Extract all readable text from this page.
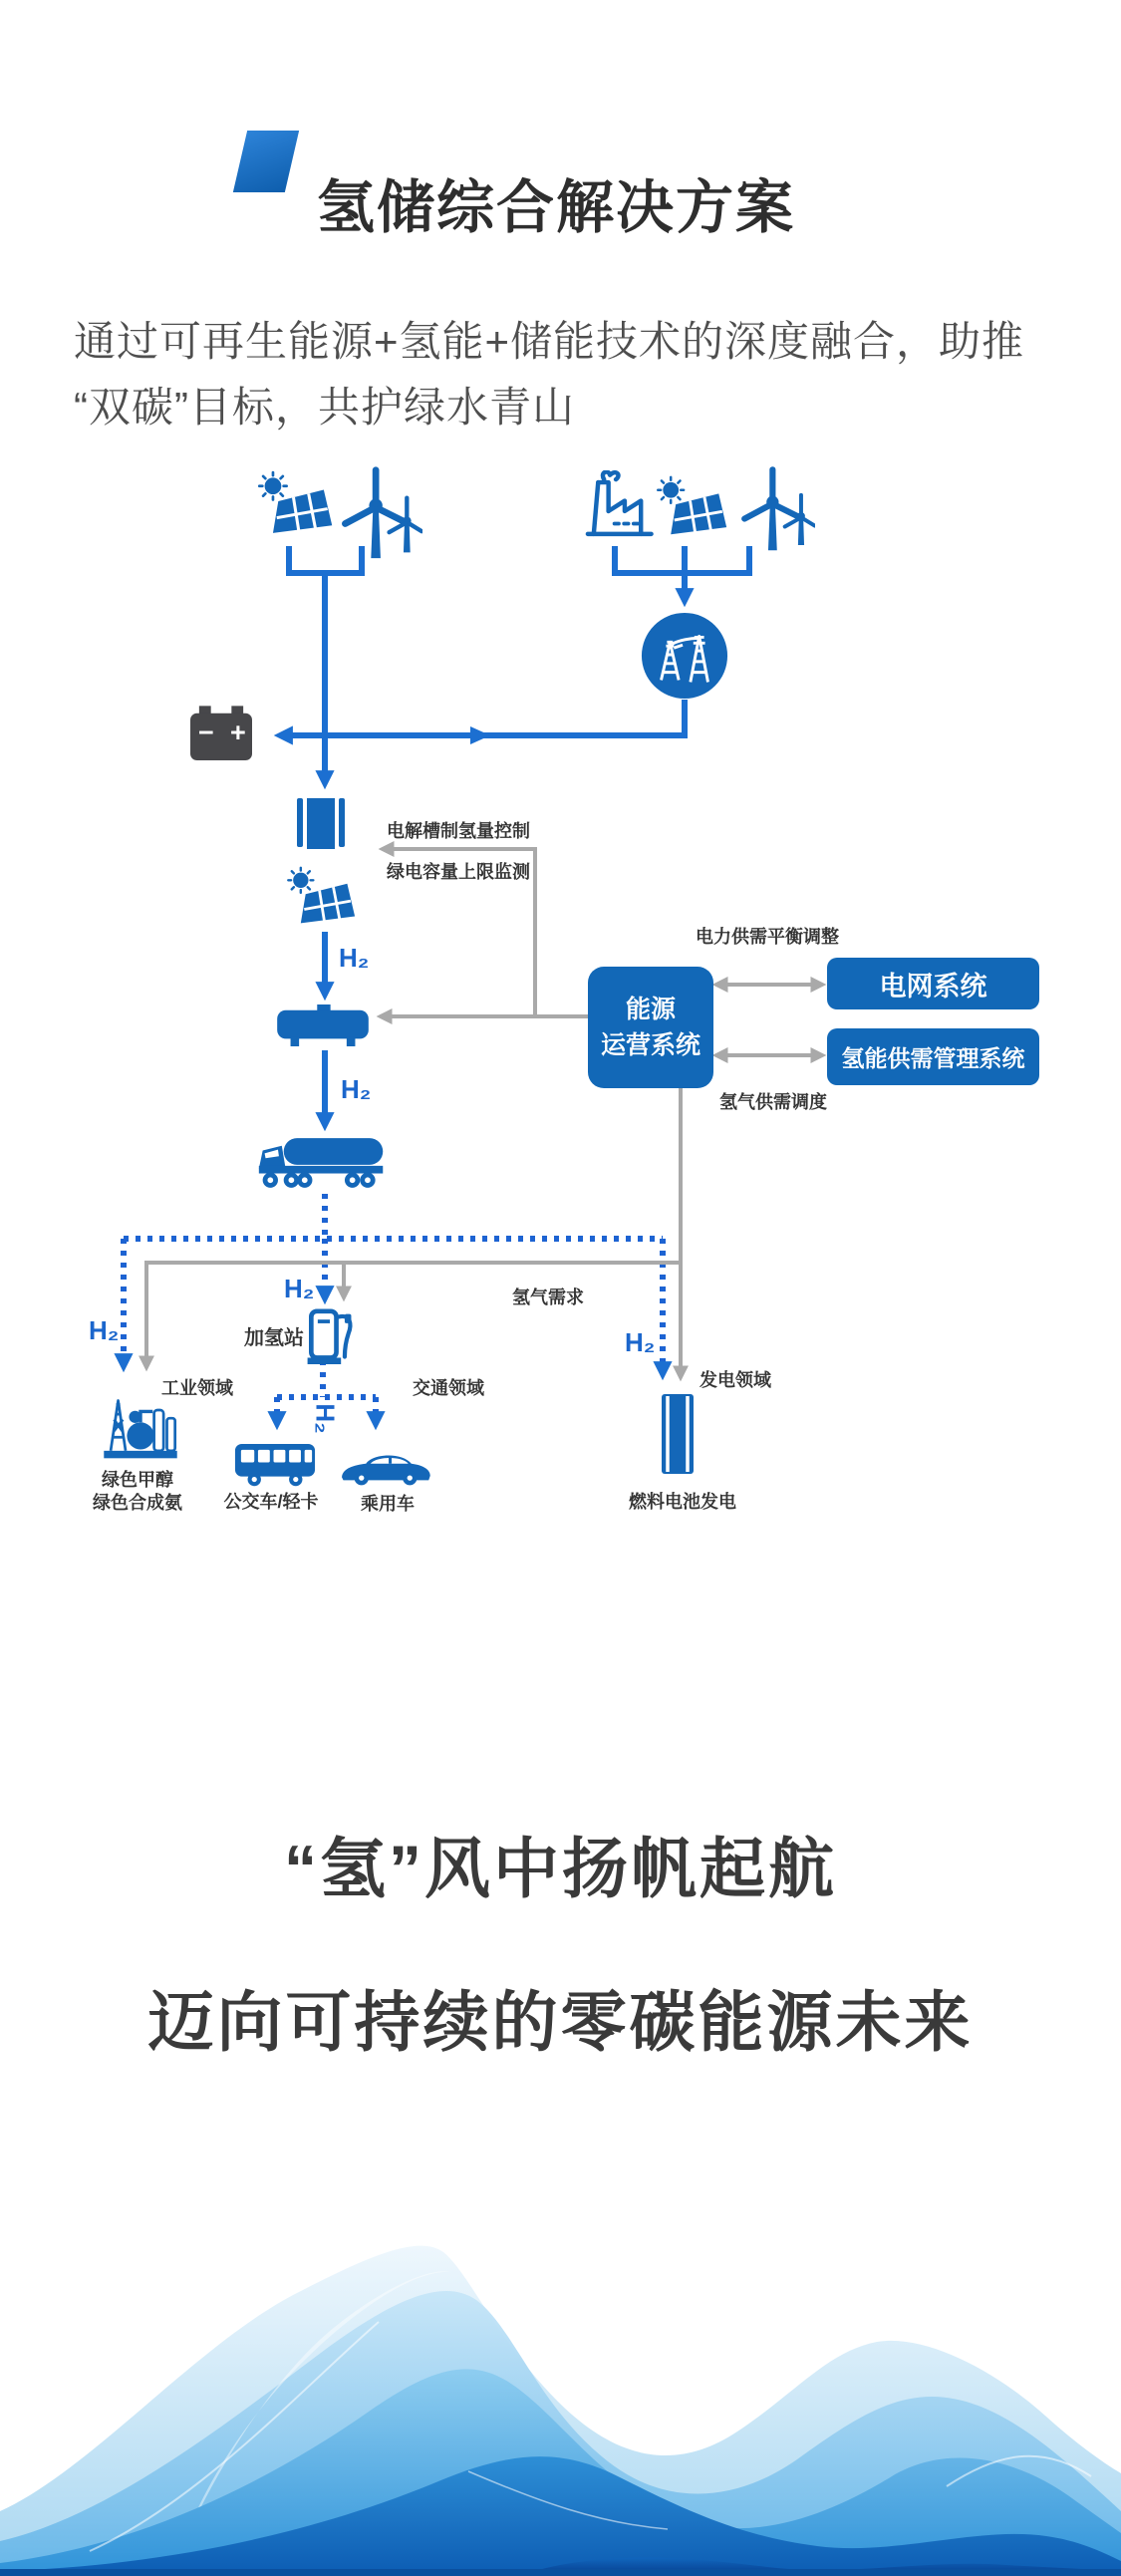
氢储综合解决方案

通过可再生能源+氢能+储能技术的深度融合，助推
“双碳”目标，共护绿水青山

− +
能源
运营系统
电网系统
氢能供需管理系统
电解槽制氢量控制
绿电容量上限监测
电力供需平衡调整
氢气供需调度
氢气需求
加氢站
工业领域	交通领域	发电领域
绿色甲醇
绿色合成氨	公交车/轻卡	乘用车	燃料电池发电
H₂
H₂
H₂
H₂	H₂
H₂
“氢”风中扬帆起航
迈向可持续的零碳能源未来
